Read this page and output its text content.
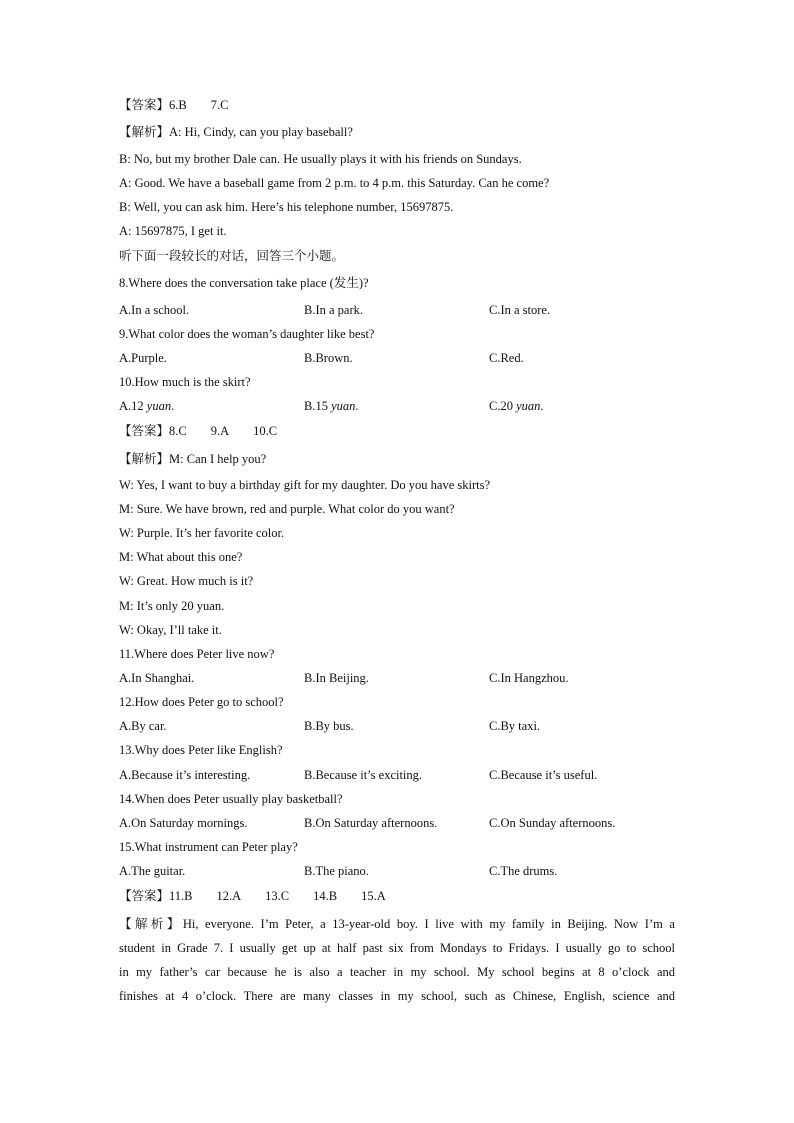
【答案】6.B 7.C
【解析】A: Hi, Cindy, can you play baseball?
B: No, but my brother Dale can. He usually plays it with his friends on Sundays.
A: Good. We have a baseball game from 2 p.m. to 4 p.m. this Saturday. Can he come?
B: Well, you can ask him. Here’s his telephone number, 15697875.
A: 15697875, I get it.
听下面一段较长的对话，回答三个小题。
8.Where does the conversation take place (发生)?
A.In a school.	B.In a park.	C.In a store.
9.What color does the woman’s daughter like best?
A.Purple.	B.Brown.	C.Red.
10.How much is the skirt?
A.12 yuan.	B.15 yuan.	C.20 yuan.
【答案】8.C 9.A 10.C
【解析】M: Can I help you?
W: Yes, I want to buy a birthday gift for my daughter. Do you have skirts?
M: Sure. We have brown, red and purple. What color do you want?
W: Purple. It’s her favorite color.
M: What about this one?
W: Great. How much is it?
M: It’s only 20 yuan.
W: Okay, I’ll take it.
11.Where does Peter live now?
A.In Shanghai.	B.In Beijing.	C.In Hangzhou.
12.How does Peter go to school?
A.By car.	B.By bus.	C.By taxi.
13.Why does Peter like English?
A.Because it’s interesting.	B.Because it’s exciting.	C.Because it’s useful.
14.When does Peter usually play basketball?
A.On Saturday mornings.	B.On Saturday afternoons.	C.On Sunday afternoons.
15.What instrument can Peter play?
A.The guitar.	B.The piano.	C.The drums.
【答案】11.B 12.A 13.C 14.B 15.A
【解析】Hi, everyone. I’m Peter, a 13-year-old boy. I live with my family in Beijing. Now I’m a
student in Grade 7. I usually get up at half past six from Mondays to Fridays. I usually go to school
in my father’s car because he is also a teacher in my school. My school begins at 8 o’clock and
finishes at 4 o’clock. There are many classes in my school, such as Chinese, English, science and
